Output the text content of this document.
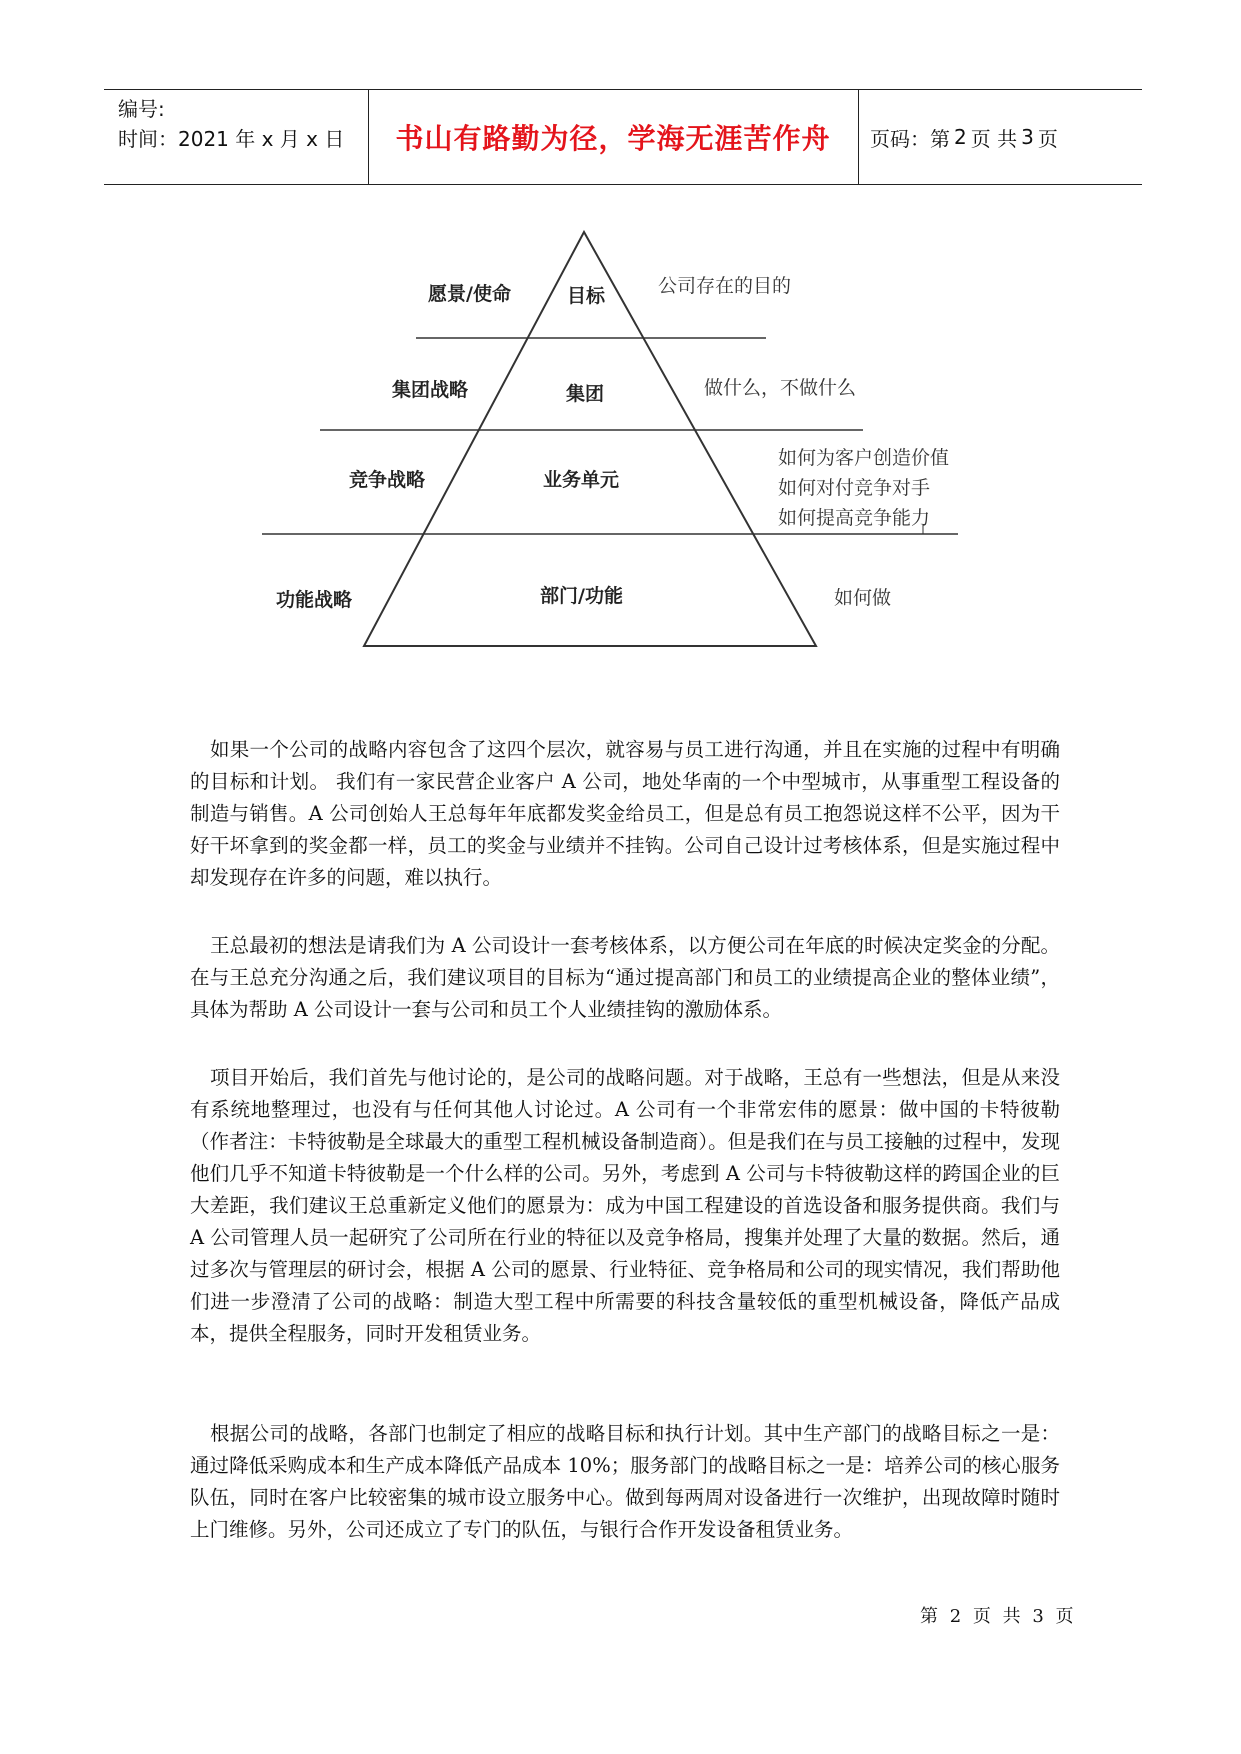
编号:
时间：2021 年 x 月 x 日	书山有路勤为径，学海无涯苦作舟	页码：第 2 页 共 3 页
愿景/使命	目标	公司存在的目的
集团战略	集团	做什么，不做什么
竞争战略	业务单元
如何为客户创造价值
如何对付竞争对手
如何提高竞争能力
功能战略	部门/功能	如何做
如果一个公司的战略内容包含了这四个层次，就容易与员工进行沟通，并且在实施的过程中有明确的目标和计划。 我们有一家民营企业客户 A 公司，地处华南的一个中型城市，从事重型工程设备的制造与销售。A 公司创始人王总每年年底都发奖金给员工，但是总有员工抱怨说这样不公平，因为干好干坏拿到的奖金都一样，员工的奖金与业绩并不挂钩。公司自己设计过考核体系，但是实施过程中却发现存在许多的问题，难以执行。
王总最初的想法是请我们为 A 公司设计一套考核体系，以方便公司在年底的时候决定奖金的分配。在与王总充分沟通之后，我们建议项目的目标为“通过提高部门和员工的业绩提高企业的整体业绩”，具体为帮助 A 公司设计一套与公司和员工个人业绩挂钩的激励体系。
项目开始后，我们首先与他讨论的，是公司的战略问题。对于战略，王总有一些想法，但是从来没有系统地整理过，也没有与任何其他人讨论过。A 公司有一个非常宏伟的愿景：做中国的卡特彼勒（作者注：卡特彼勒是全球最大的重型工程机械设备制造商）。但是我们在与员工接触的过程中，发现他们几乎不知道卡特彼勒是一个什么样的公司。另外，考虑到 A 公司与卡特彼勒这样的跨国企业的巨大差距，我们建议王总重新定义他们的愿景为：成为中国工程建设的首选设备和服务提供商。我们与 A 公司管理人员一起研究了公司所在行业的特征以及竞争格局，搜集并处理了大量的数据。然后，通过多次与管理层的研讨会，根据 A 公司的愿景、行业特征、竞争格局和公司的现实情况，我们帮助他们进一步澄清了公司的战略：制造大型工程中所需要的科技含量较低的重型机械设备，降低产品成本，提供全程服务，同时开发租赁业务。
根据公司的战略，各部门也制定了相应的战略目标和执行计划。其中生产部门的战略目标之一是：通过降低采购成本和生产成本降低产品成本 10%；服务部门的战略目标之一是：培养公司的核心服务队伍，同时在客户比较密集的城市设立服务中心。做到每两周对设备进行一次维护，出现故障时随时上门维修。另外，公司还成立了专门的队伍，与银行合作开发设备租赁业务。
第 2 页 共 3 页
